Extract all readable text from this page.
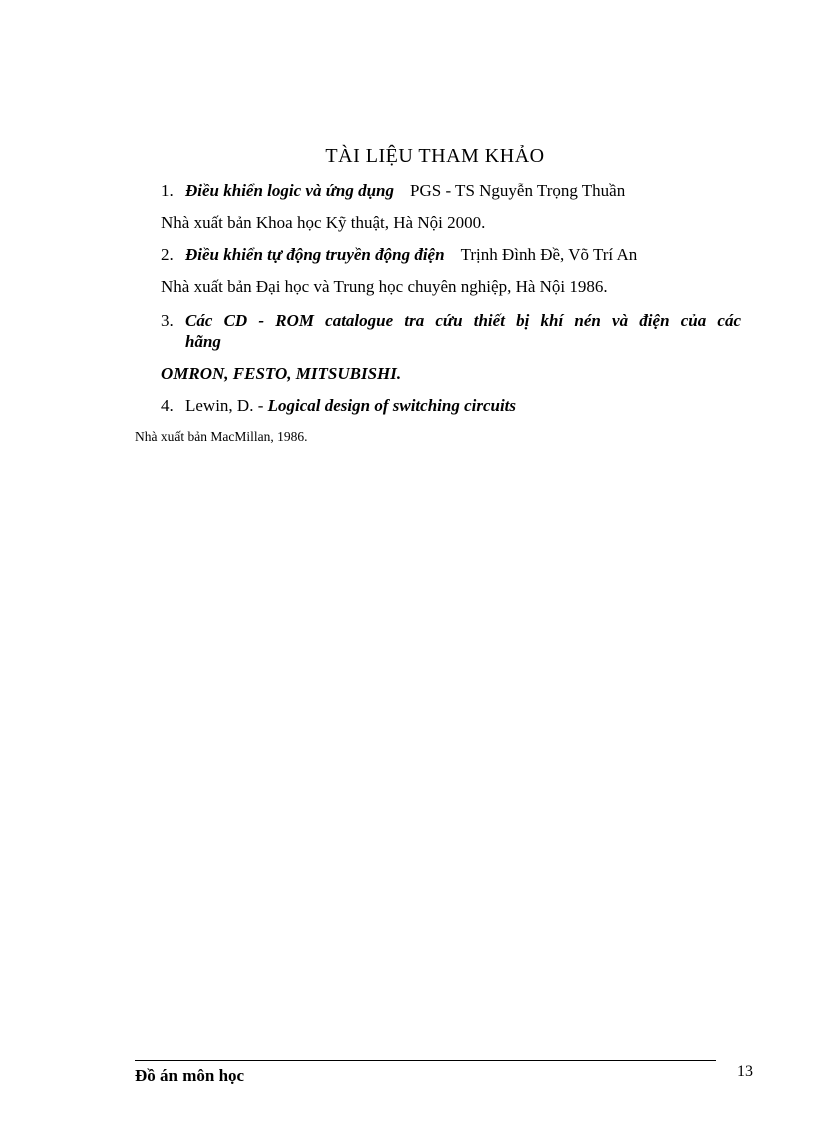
TÀI LIỆU THAM KHẢO
1. Điều khiển logic và ứng dụng PGS - TS Nguyễn Trọng Thuần
Nhà xuất bản Khoa học Kỹ thuật, Hà Nội 2000.
2. Điều khiển tự động truyền động điện Trịnh Đình Đề, Võ Trí An
Nhà xuất bản Đại học và Trung học chuyên nghiệp, Hà Nội 1986.
3. Các CD - ROM catalogue tra cứu thiết bị khí nén và điện của các
hãng
OMRON, FESTO, MITSUBISHI.
4. Lewin, D. - Logical design of switching circuits
Nhà xuất bản MacMillan, 1986.
Đồ án môn học	13
